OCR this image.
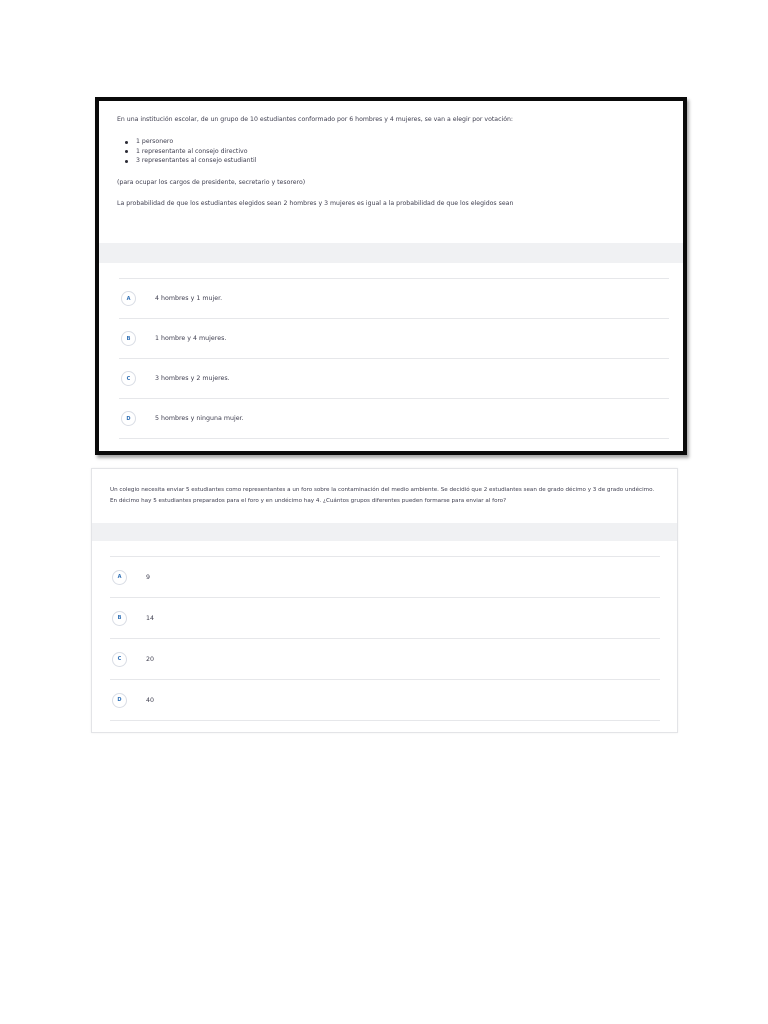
En una institución escolar, de un grupo de 10 estudiantes conformado por 6 hombres y 4 mujeres, se van a elegir por votación:

1 personero
1 representante al consejo directivo
3 representantes al consejo estudiantil

(para ocupar los cargos de presidente, secretario y tesorero)

La probabilidad de que los estudiantes elegidos sean 2 hombres y 3 mujeres es igual a la probabilidad de que los elegidos sean

A	4 hombres y 1 mujer.
B	1 hombre y 4 mujeres.
C	3 hombres y 2 mujeres.
D	5 hombres y ninguna mujer.
Un colegio necesita enviar 5 estudiantes como representantes a un foro sobre la contaminación del medio ambiente. Se decidió que 2 estudiantes sean de grado décimo y 3 de grado undécimo. En décimo hay 5 estudiantes preparados para el foro y en undécimo hay 4. ¿Cuántos grupos diferentes pueden formarse para enviar al foro?
A	9
B	14
C	20
D	40
